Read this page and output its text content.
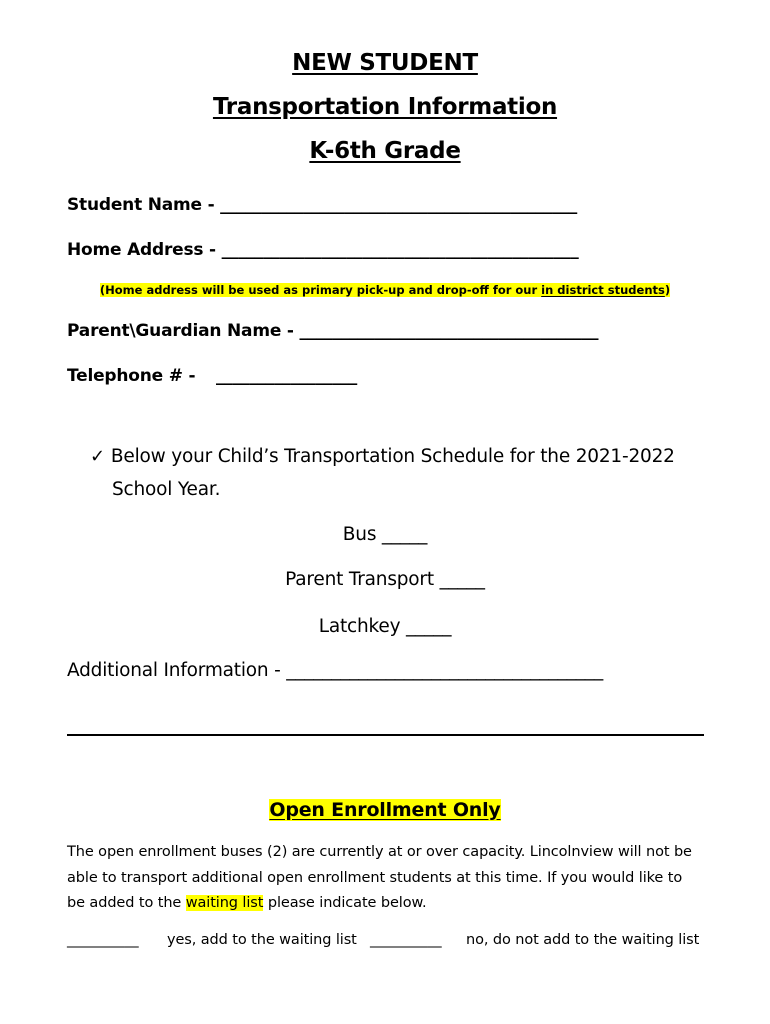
NEW STUDENT
Transportation Information
K-6th Grade
Student Name - ___________________________________________
Home Address - ___________________________________________
(Home address will be used as primary pick-up and drop-off for our in district students)
Parent\Guardian Name - ____________________________________
Telephone # - _________________
✓ Below your Child’s Transportation Schedule for the 2021-2022
School Year.
Bus _____
Parent Transport _____
Latchkey _____
Additional Information - ___________________________________
Open Enrollment Only
The open enrollment buses (2) are currently at or over capacity. Lincolnview will not be
able to transport additional open enrollment students at this time. If you would like to
be added to the waiting list please indicate below.
__________ yes, add to the waiting list __________ no, do not add to the waiting list
